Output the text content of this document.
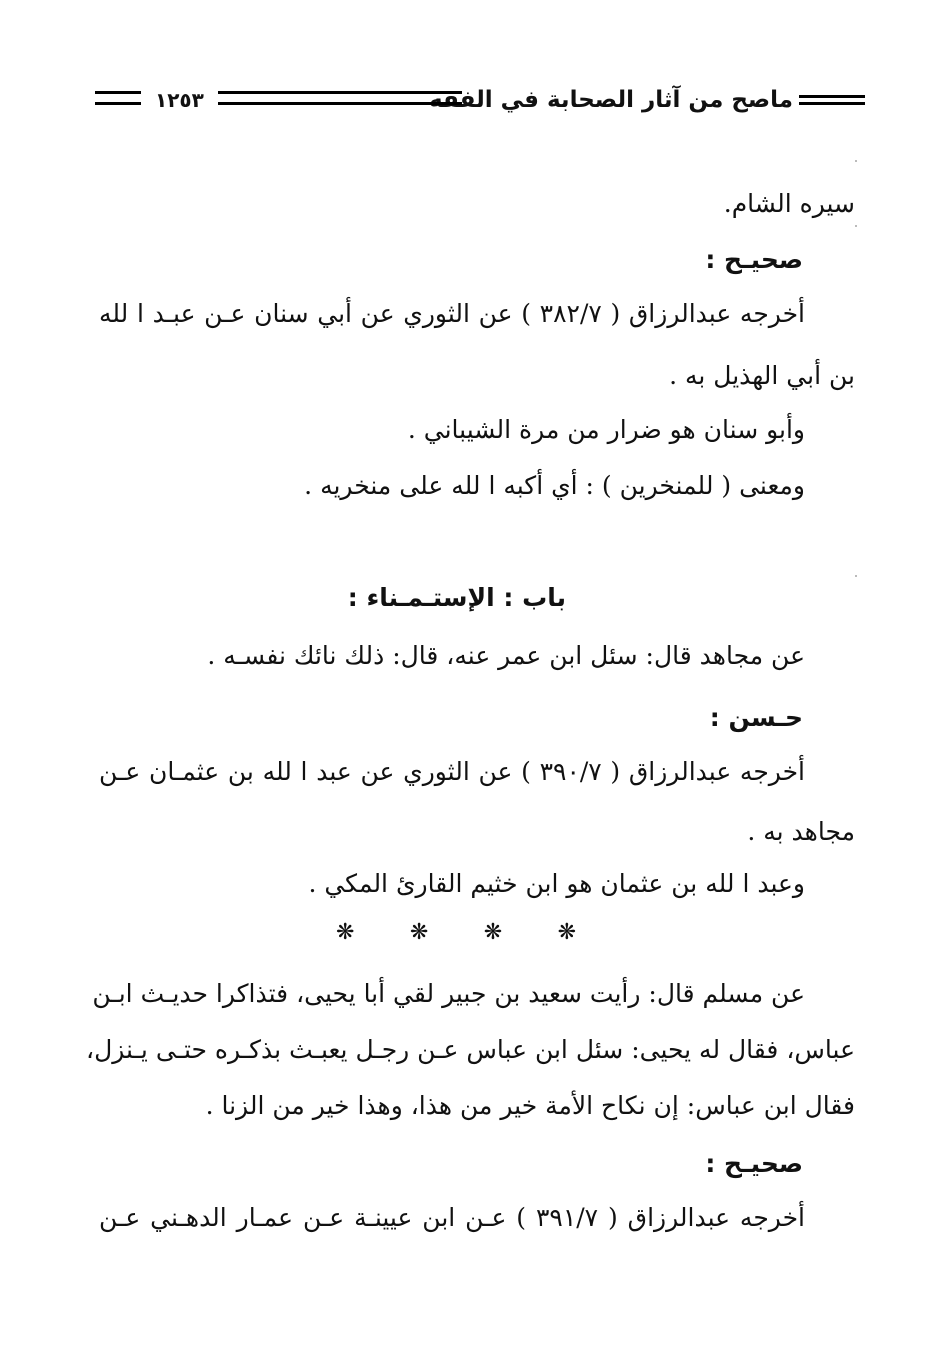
ماصح من آثار الصحابة في الفقه
١٢٥٣
سيره الشام.
صحيـح :
أخرجه عبدالرزاق ( ٣٨٢/٧ ) عن الثوري عن أبي سنان عـن عبـد ا لله
بن أبي الهذيل به .
وأبو سنان هو ضرار من مرة الشيباني .
ومعنى ( للمنخرين ) : أي أكبه ا لله على منخريه .
باب : الإستـمـناء :
عن مجاهد قال: سئل ابن عمر عنه، قال: ذلك نائك نفسـه .
حـسن :
أخرجه عبدالرزاق ( ٣٩٠/٧ ) عن الثوري عن عبد ا لله بن عثمـان عـن
مجاهد به .
وعبد ا لله بن عثمان هو ابن خثيم القارئ المكي .
❋
❋
❋
❋
عن مسلم قال: رأيت سعيد بن جبير لقي أبا يحيى، فتذاكرا حديـث ابـن
عباس، فقال له يحيى: سئل ابن عباس عـن رجـل يعبـث بذكـره حتـى يـنزل،
فقال ابن عباس: إن نكاح الأمة خير من هذا، وهذا خير من الزنا .
صحيـح :
أخرجه عبدالرزاق ( ٣٩١/٧ ) عـن ابن عيينـة عـن عمـار الدهـني عـن
